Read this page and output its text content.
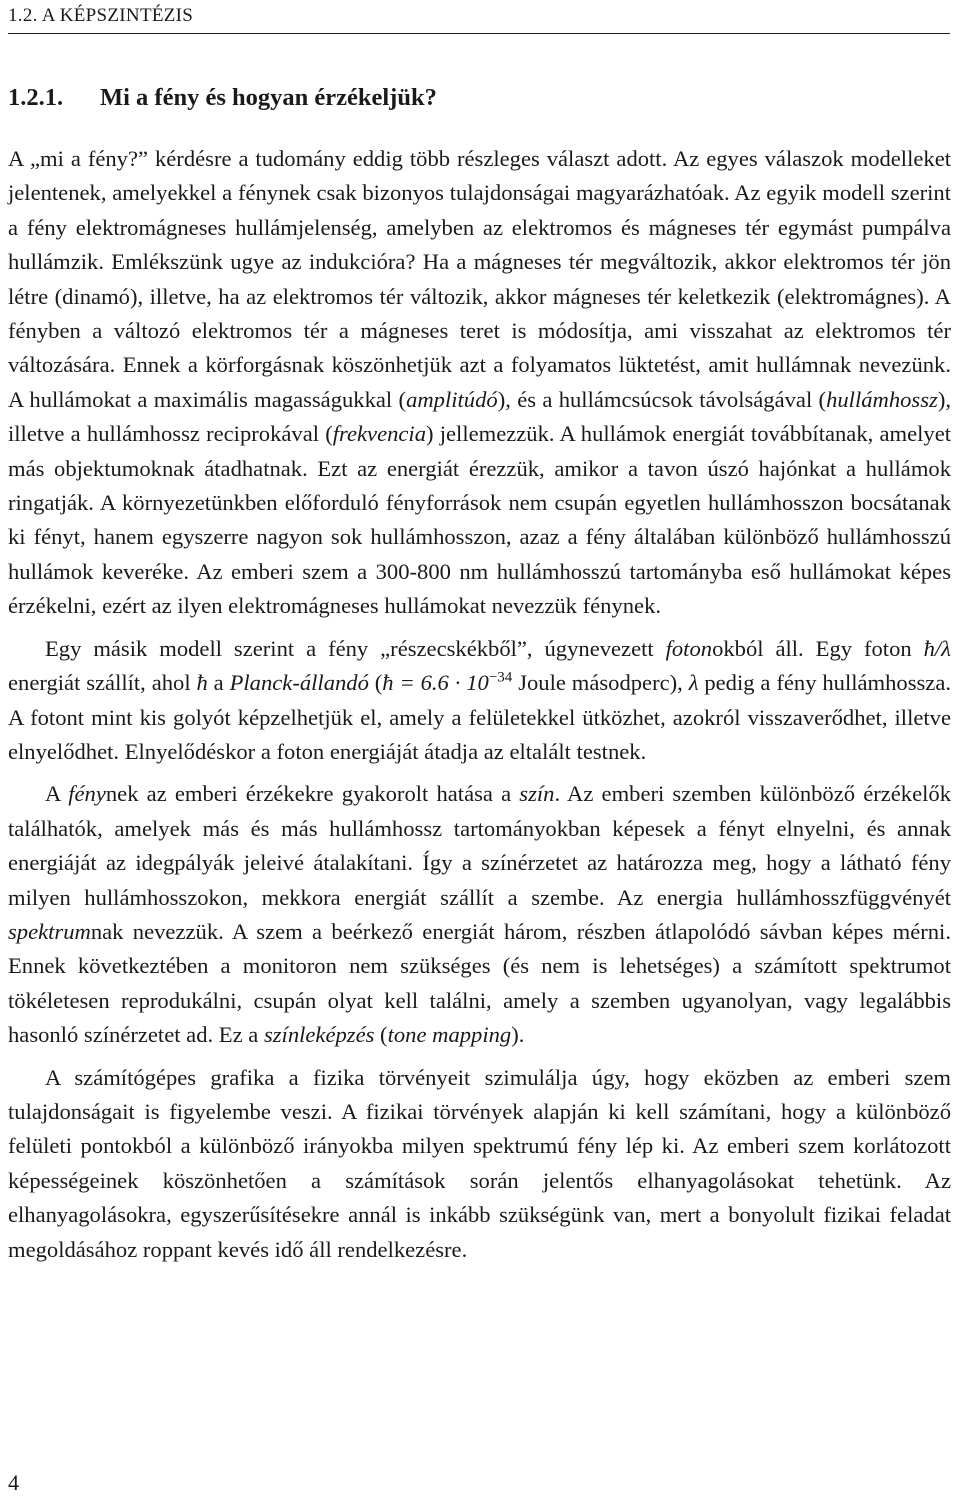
1.2. A KÉPSZINTÉZIS
1.2.1. Mi a fény és hogyan érzékeljük?

A „mi a fény?” kérdésre a tudomány eddig több részleges választ adott. Az egyes válaszok modelleket jelentenek, amelyekkel a fénynek csak bizonyos tulajdonságai magyarázhatóak. Az egyik modell szerint a fény elektromágneses hullámjelenség, amelyben az elektromos és mágneses tér egymást pumpálva hullámzik. Emlékszünk ugye az indukcióra? Ha a mágneses tér megváltozik, akkor elektromos tér jön létre (dinamó), illetve, ha az elektromos tér változik, akkor mágneses tér keletkezik (elektromágnes). A fényben a változó elektromos tér a mágneses teret is módosítja, ami visszahat az elektromos tér változására. Ennek a körforgásnak köszönhetjük azt a folyamatos lüktetést, amit hullámnak nevezünk. A hullámokat a maximális magasságukkal (amplitúdó), és a hullámcsúcsok távolságával (hullámhossz), illetve a hullámhossz reciprokával (frekvencia) jellemezzük. A hullámok energiát továbbítanak, amelyet más objektumoknak átadhatnak. Ezt az energiát érezzük, amikor a tavon úszó hajónkat a hullámok ringatják. A környezetünkben előforduló fényforrások nem csupán egyetlen hullámhosszon bocsátanak ki fényt, hanem egyszerre nagyon sok hullámhosszon, azaz a fény általában különböző hullámhosszú hullámok keveréke. Az emberi szem a 300-800 nm hullámhosszú tartományba eső hullámokat képes érzékelni, ezért az ilyen elektromágneses hullámokat nevezzük fénynek.

Egy másik modell szerint a fény „részecskékből”, úgynevezett fotonokból áll. Egy foton ħ/λ energiát szállít, ahol ħ a Planck-állandó (ħ = $6.6 \cdot 10^{-34}$ Joule másodperc), λ pedig a fény hullámhossza. A fotont mint kis golyót képzelhetjük el, amely a felületekkel ütközhet, azokról visszaverődhet, illetve elnyelődhet. Elnyelődéskor a foton energiáját átadja az eltalált testnek.

A fénynek az emberi érzékekre gyakorolt hatása a szín. Az emberi szemben különböző érzékelők találhatók, amelyek más és más hullámhossz tartományokban képesek a fényt elnyelni, és annak energiáját az idegpályák jeleivé átalakítani. Így a színérzetet az határozza meg, hogy a látható fény milyen hullámhosszokon, mekkora energiát szállít a szembe. Az energia hullámhosszfüggvényét spektrumnak nevezzük. A szem a beérkező energiát három, részben átlapolódó sávban képes mérni. Ennek következtében a monitoron nem szükséges (és nem is lehetséges) a számított spektrumot tökéletesen reprodukálni, csupán olyat kell találni, amely a szemben ugyanolyan, vagy legalábbis hasonló színérzetet ad. Ez a színleképzés (tone mapping).

A számítógépes grafika a fizika törvényeit szimulálja úgy, hogy eközben az emberi szem tulajdonságait is figyelembe veszi. A fizikai törvények alapján ki kell számítani, hogy a különböző felületi pontokból a különböző irányokba milyen spektrumú fény lép ki. Az emberi szem korlátozott képességeinek köszönhetően a számítások során jelentős elhanyagolásokat tehetünk. Az elhanyagolásokra, egyszerűsítésekre annál is inkább szükségünk van, mert a bonyolult fizikai feladat megoldásához roppant kevés idő áll rendelkezésre.

4
